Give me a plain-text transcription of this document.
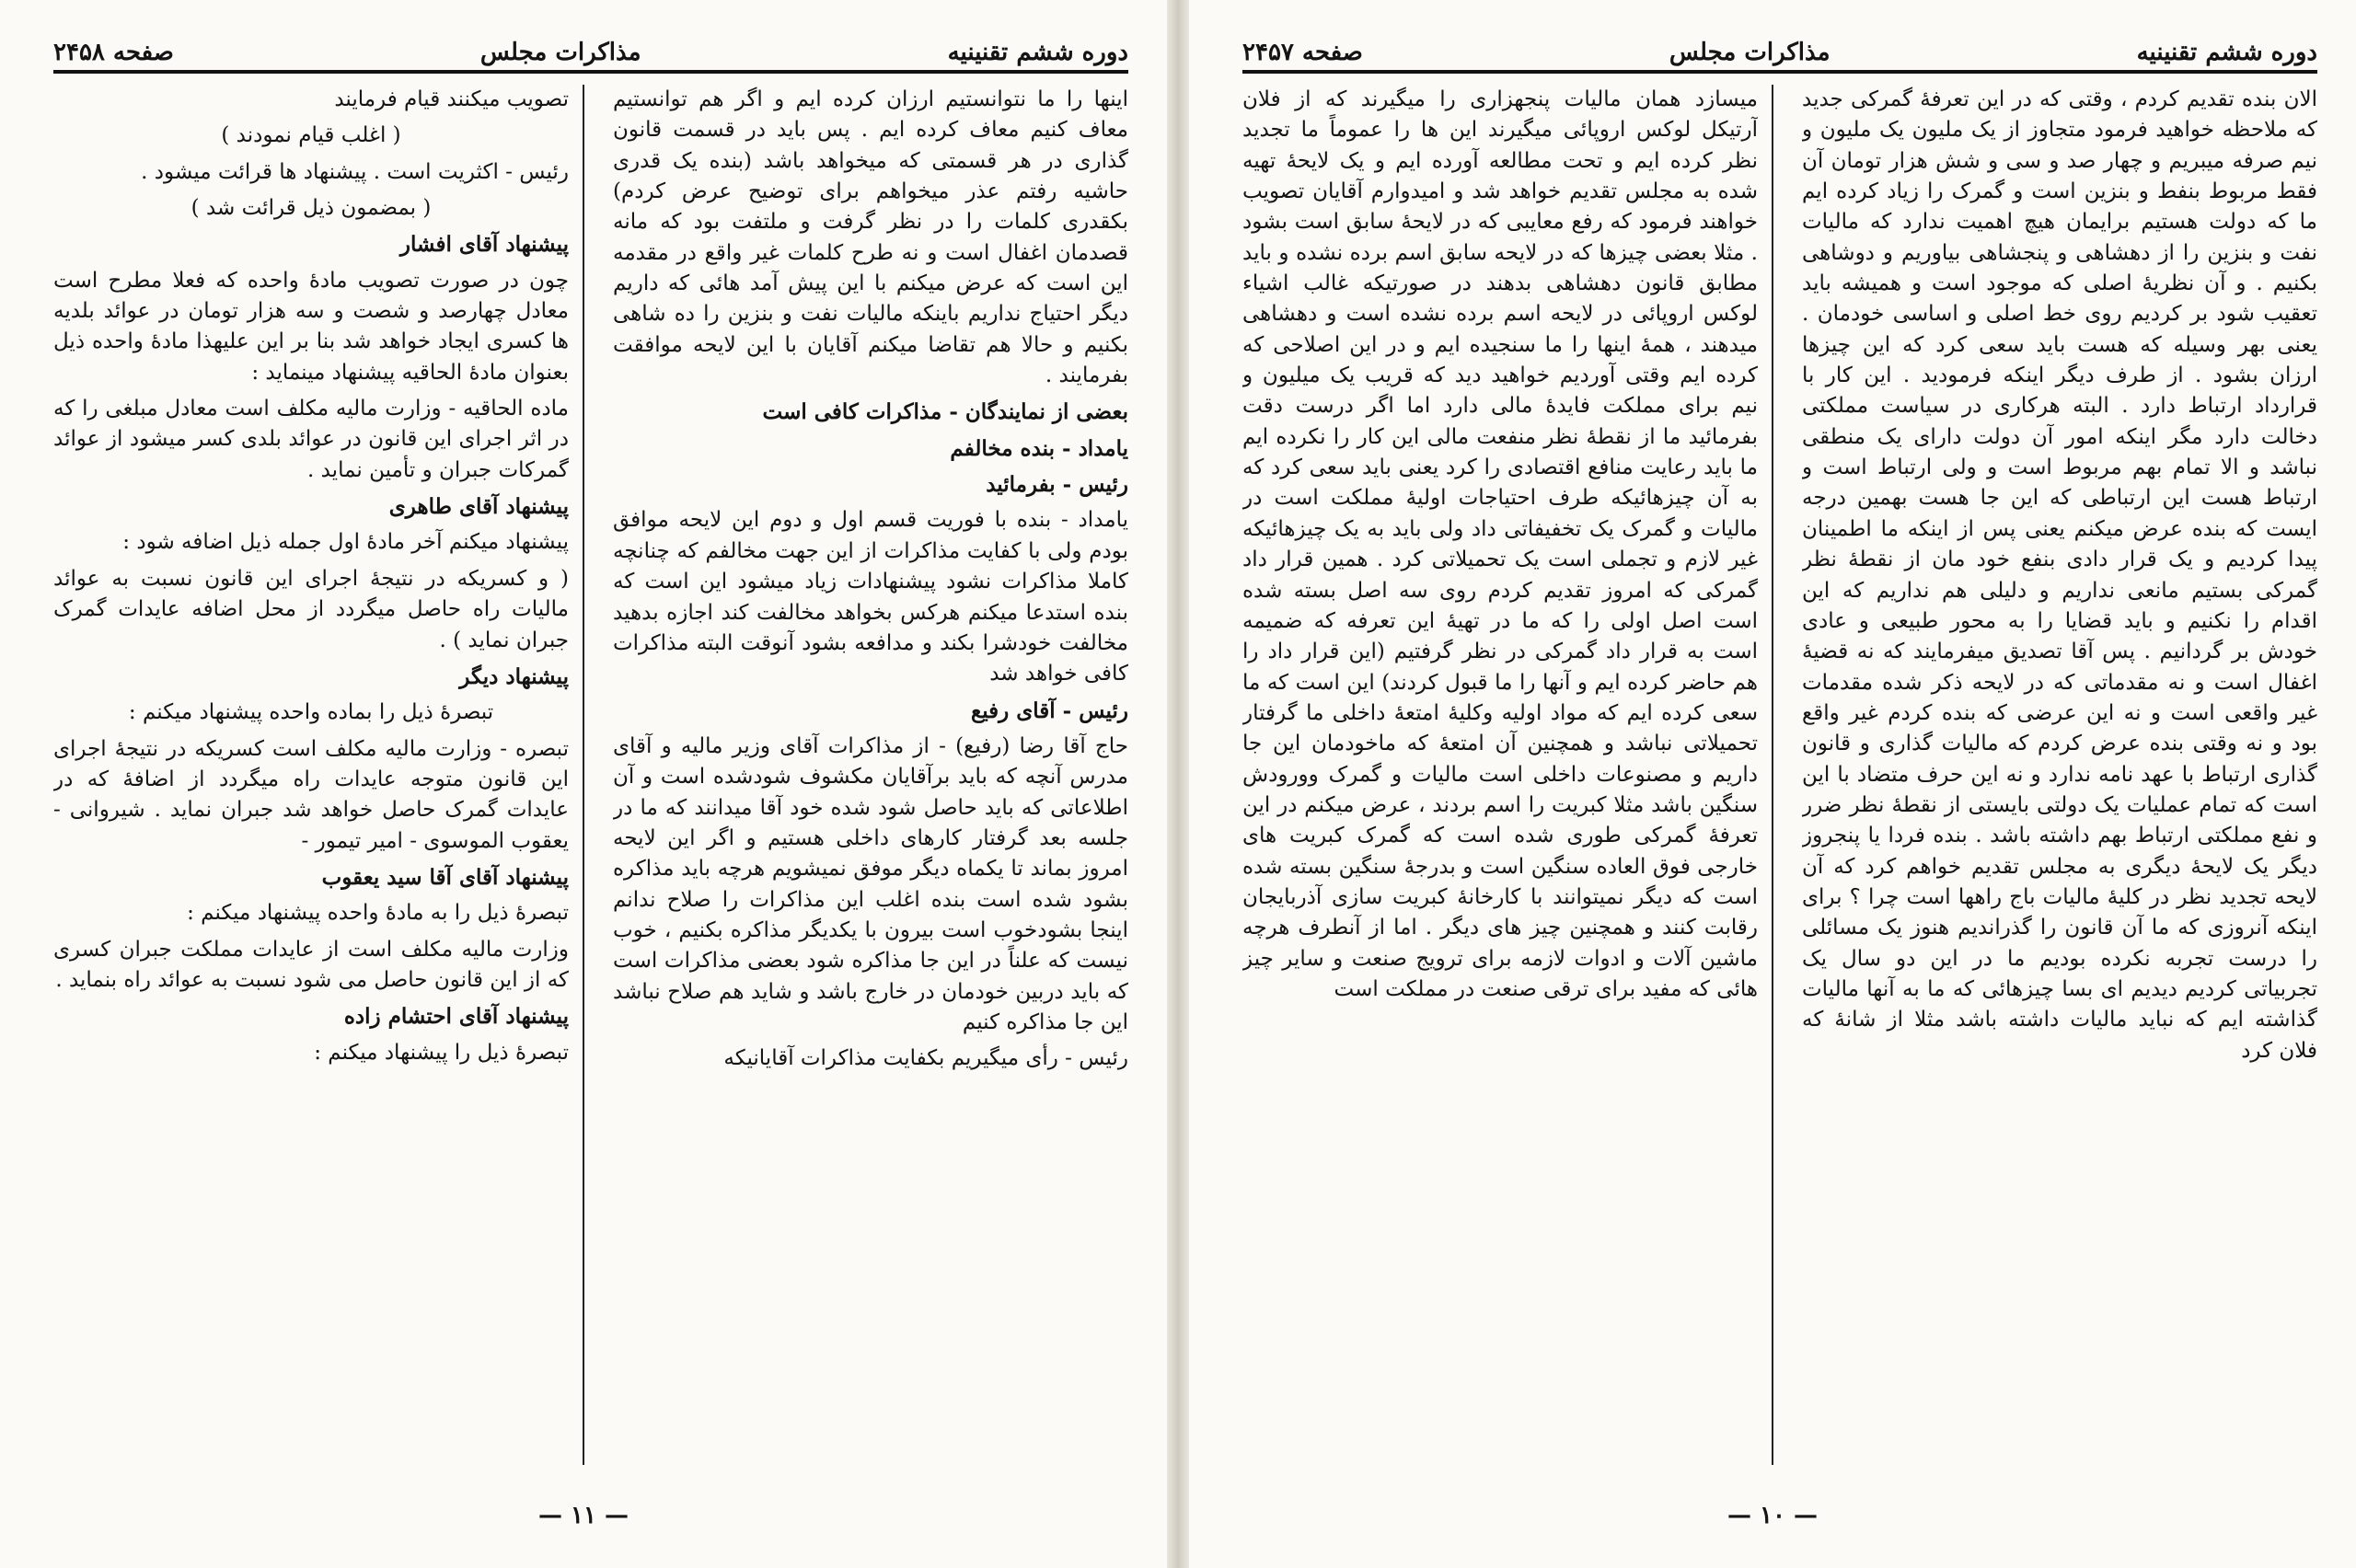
دوره ششم تقنینیه
مذاکرات مجلس
صفحه ۲۴۵۸

اینها را ما نتوانستیم ارزان کرده ایم و اگر هم توانستیم معاف کنیم معاف کرده ایم . پس باید در قسمت قانون گذاری در هر قسمتی که میخواهد باشد (بنده یک قدری حاشیه رفتم عذر میخواهم برای توضیح عرض کردم) بکقدری کلمات را در نظر گرفت و ملتفت بود که مانه قصدمان اغفال است و نه طرح کلمات غیر واقع در مقدمه این است که عرض میکنم با این پیش آمد هائی که داریم دیگر احتیاج نداریم باینکه مالیات نفت و بنزین را ده شاهی بکنیم و حالا هم تقاضا میکنم آقایان با این لایحه موافقت بفرمایند .

بعضی از نمایندگان - مذاکرات کافی است

یامداد - بنده مخالفم

رئیس - بفرمائید

یامداد - بنده با فوریت قسم اول و دوم این لایحه موافق بودم ولی با کفایت مذاکرات از این جهت مخالفم که چنانچه کاملا مذاکرات نشود پیشنهادات زیاد میشود این است که بنده استدعا میکنم هرکس بخواهد مخالفت کند اجازه بدهید مخالفت خودشرا بکند و مدافعه بشود آنوقت البته مذاکرات کافی خواهد شد

رئیس - آقای رفیع

حاج آقا رضا (رفیع) - از مذاکرات آقای وزیر مالیه و آقای مدرس آنچه که باید برآقایان مکشوف شودشده است و آن اطلاعاتی که باید حاصل شود شده خود آقا میدانند که ما در جلسه بعد گرفتار کارهای داخلی هستیم و اگر این لایحه امروز بماند تا یکماه دیگر موفق نمیشویم هرچه باید مذاکره بشود شده است بنده اغلب این مذاکرات را صلاح ندانم اینجا بشودخوب است بیرون با یکدیگر مذاکره بکنیم ، خوب نیست که علناً در این جا مذاکره شود بعضی مذاکرات است که باید دربین خودمان در خارج باشد و شاید هم صلاح نباشد این جا مذاکره کنیم

رئیس - رأی میگیریم بکفایت مذاکرات آقایانیکه

تصویب میکنند قیام فرمایند

( اغلب قیام نمودند )

رئیس - اکثریت است . پیشنهاد ها قرائت میشود .

( بمضمون ذیل قرائت شد )

پیشنهاد آقای افشار

چون در صورت تصویب مادهٔ واحده که فعلا مطرح است معادل چهارصد و شصت و سه هزار تومان در عوائد بلدیه ها کسری ایجاد خواهد شد بنا بر این علیهذا مادهٔ واحده ذیل بعنوان مادهٔ الحاقیه پیشنهاد مینماید :

ماده الحاقیه - وزارت مالیه مکلف است معادل مبلغی را که در اثر اجرای این قانون در عوائد بلدی کسر میشود از عوائد گمرکات جبران و تأمین نماید .

پیشنهاد آقای طاهری

پیشنهاد میکنم آخر مادهٔ اول جمله ذیل اضافه شود :

( و کسریکه در نتیجهٔ اجرای این قانون نسبت به عوائد مالیات راه حاصل میگردد از محل اضافه عایدات گمرک جبران نماید ) .

پیشنهاد دیگر

تبصرهٔ ذیل را بماده واحده پیشنهاد میکنم :

تبصره - وزارت مالیه مکلف است کسریکه در نتیجهٔ اجرای این قانون متوجه عایدات راه میگردد از اضافهٔ که در عایدات گمرک حاصل خواهد شد جبران نماید . شیروانی - یعقوب الموسوی - امیر تیمور -

پیشنهاد آقای آقا سید یعقوب

تبصرهٔ ذیل را به مادهٔ واحده پیشنهاد میکنم :

وزارت مالیه مکلف است از عایدات مملکت جبران کسری که از این قانون حاصل می شود نسبت به عوائد راه بنماید .

پیشنهاد آقای احتشام زاده

تبصرهٔ ذیل را پیشنهاد میکنم :

— ۱۱ —
دوره ششم تقنینیه
مذاکرات مجلس
صفحه ۲۴۵۷

الان بنده تقدیم کردم ، وقتی که در این تعرفهٔ گمرکی جدید که ملاحظه خواهید فرمود متجاوز از یک ملیون یک ملیون و نیم صرفه میبریم و چهار صد و سی و شش هزار تومان آن فقط مربوط بنفط و بنزین است و گمرک را زیاد کرده ایم ما که دولت هستیم برایمان هیچ اهمیت ندارد که مالیات نفت و بنزین را از دهشاهی و پنجشاهی بیاوریم و دوشاهی بکنیم . و آن نظریهٔ اصلی که موجود است و همیشه باید تعقیب شود بر کردیم روی خط اصلی و اساسی خودمان . یعنی بهر وسیله که هست باید سعی کرد که این چیزها ارزان بشود . از طرف دیگر اینکه فرمودید . این کار با قرارداد ارتباط دارد . البته هرکاری در سیاست مملکتی دخالت دارد مگر اینکه امور آن دولت دارای یک منطقی نباشد و الا تمام بهم مربوط است و ولی ارتباط است و ارتباط هست این ارتباطی که این جا هست بهمین درجه ایست که بنده عرض میکنم یعنی پس از اینکه ما اطمینان پیدا کردیم و یک قرار دادی بنفع خود مان از نقطهٔ نظر گمرکی بستیم مانعی نداریم و دلیلی هم نداریم که این اقدام را نکنیم و باید قضایا را به محور طبیعی و عادی خودش بر گردانیم . پس آقا تصدیق میفرمایند که نه قضیهٔ اغفال است و نه مقدماتی که در لایحه ذکر شده مقدمات غیر واقعی است و نه این عرضی که بنده کردم غیر واقع بود و نه وقتی بنده عرض کردم که مالیات گذاری و قانون گذاری ارتباط با عهد نامه ندارد و نه این حرف متضاد با این است که تمام عملیات یک دولتی بایستی از نقطهٔ نظر ضرر و نفع مملکتی ارتباط بهم داشته باشد . بنده فردا یا پنجروز دیگر یک لایحهٔ دیگری به مجلس تقدیم خواهم کرد که آن لایحه تجدید نظر در کلیهٔ مالیات باج راهها است چرا ؟ برای اینکه آنروزی که ما آن قانون را گذراندیم هنوز یک مسائلی را درست تجربه نکرده بودیم ما در این دو سال یک تجربیاتی کردیم دیدیم ای بسا چیزهائی که ما به آنها مالیات گذاشته ایم که نباید مالیات داشته باشد مثلا از شانهٔ که فلان کرد

میسازد همان مالیات پنجهزاری را میگیرند که از فلان آرتیکل لوکس اروپائی میگیرند این ها را عموماً ما تجدید نظر کرده ایم و تحت مطالعه آورده ایم و یک لایحهٔ تهیه شده به مجلس تقدیم خواهد شد و امیدوارم آقایان تصویب خواهند فرمود که رفع معایبی که در لایحهٔ سابق است بشود . مثلا بعضی چیزها که در لایحه سابق اسم برده نشده و باید مطابق قانون دهشاهی بدهند در صورتیکه غالب اشیاء لوکس اروپائی در لایحه اسم برده نشده است و دهشاهی میدهند ، همهٔ اینها را ما سنجیده ایم و در این اصلاحی که کرده ایم وقتی آوردیم خواهید دید که قریب یک میلیون و نیم برای مملکت فایدهٔ مالی دارد اما اگر درست دقت بفرمائید ما از نقطهٔ نظر منفعت مالی این کار را نکرده ایم ما باید رعایت منافع اقتصادی را کرد یعنی باید سعی کرد که به آن چیزهائیکه طرف احتیاجات اولیهٔ مملکت است در مالیات و گمرک یک تخفیفاتی داد ولی باید به یک چیزهائیکه غیر لازم و تجملی است یک تحمیلاتی کرد . همین قرار داد گمرکی که امروز تقدیم کردم روی سه اصل بسته شده است اصل اولی را که ما در تهیهٔ این تعرفه که ضمیمه است به قرار داد گمرکی در نظر گرفتیم (این قرار داد را هم حاضر کرده ایم و آنها را ما قبول کردند) این است که ما سعی کرده ایم که مواد اولیه وکلیهٔ امتعهٔ داخلی ما گرفتار تحمیلاتی نباشد و همچنین آن امتعهٔ که ماخودمان این جا داریم و مصنوعات داخلی است مالیات و گمرک وورودش سنگین باشد مثلا کبریت را اسم بردند ، عرض میکنم در این تعرفهٔ گمرکی طوری شده است که گمرک کبریت های خارجی فوق العاده سنگین است و بدرجهٔ سنگین بسته شده است که دیگر نمیتوانند با کارخانهٔ کبریت سازی آذربایجان رقابت کنند و همچنین چیز های دیگر . اما از آنطرف هرچه ماشین آلات و ادوات لازمه برای ترویج صنعت و سایر چیز هائی که مفید برای ترقی صنعت در مملکت است

— ۱۰ —
